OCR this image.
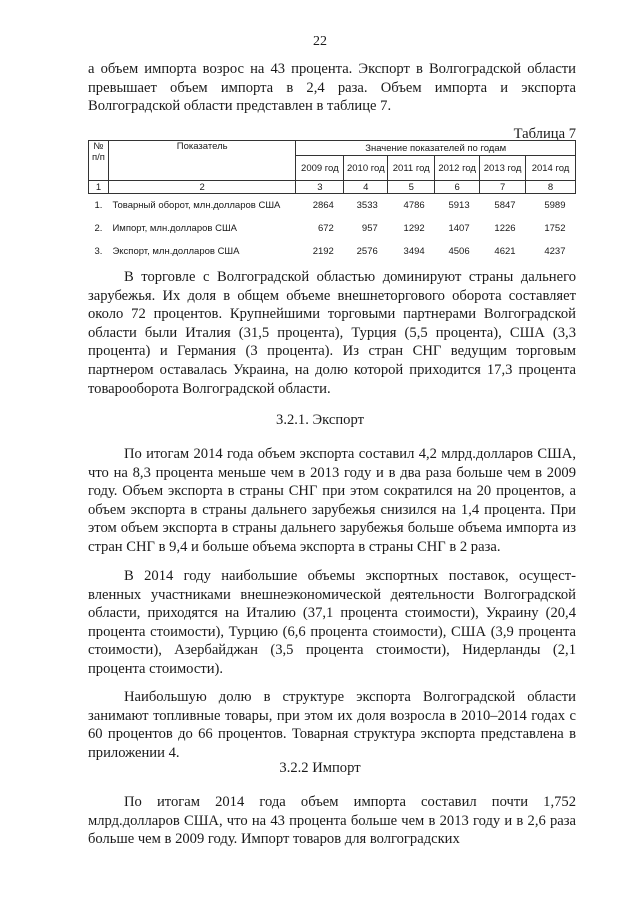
22

а объем импорта возрос на 43 процента. Экспорт в Волгоградской области превышает объем импорта в 2,4 раза. Объем импорта и экспорта Волгоградской области представлен в таблице 7.

Таблица 7
№ п/п	Показатель	Значение показателей по годам					
		2009 год	2010 год	2011 год	2012 год	2013 год	2014 год
1	2	3	4	5	6	7	8
1.	Товарный оборот, млн.долларов США	2864	3533	4786	5913	5847	5989
2.	Импорт, млн.долларов США	672	957	1292	1407	1226	1752
3.	Экспорт, млн.долларов США	2192	2576	3494	4506	4621	4237

В торговле с Волгоградской областью доминируют страны дальнего зарубежья. Их доля в общем объеме внешнеторгового оборота составляет около 72 процентов. Крупнейшими торговыми партнерами Волгоградской области были Италия (31,5 процента), Турция (5,5 процента), США (3,3 процента) и Германия (3 процента). Из стран СНГ ведущим торговым партнером оставалась Украина, на долю которой приходится 17,3 процента товарооборота Волгоградской области.

3.2.1. Экспорт

По итогам 2014 года объем экспорта составил 4,2 млрд.долларов США, что на 8,3 процента меньше чем в 2013 году и в два раза больше чем в 2009 году. Объем экспорта в страны СНГ при этом сократился на 20 процентов, а объем экспорта в страны дальнего зарубежья снизился на 1,4 процента. При этом объем экспорта в страны дальнего зарубежья больше объема импорта из стран СНГ в 9,4 и больше объема экспорта в страны СНГ в 2 раза.

В 2014 году наибольшие объемы экспортных поставок, осущест-вленных участниками внешнеэкономической деятельности Волгоградской области, приходятся на Италию (37,1 процента стоимости), Украину (20,4 процента стоимости), Турцию (6,6 процента стоимости), США (3,9 процента стоимости), Азербайджан (3,5 процента стоимости), Нидерланды (2,1 процента стоимости).

Наибольшую долю в структуре экспорта Волгоградской области занимают топливные товары, при этом их доля возросла в 2010–2014 годах с 60 процентов до 66 процентов. Товарная структура экспорта представлена в приложении 4.

3.2.2 Импорт

По итогам 2014 года объем импорта составил почти 1,752 млрд.долларов США, что на 43 процента больше чем в 2013 году и в 2,6 раза больше чем в 2009 году. Импорт товаров для волгоградских
